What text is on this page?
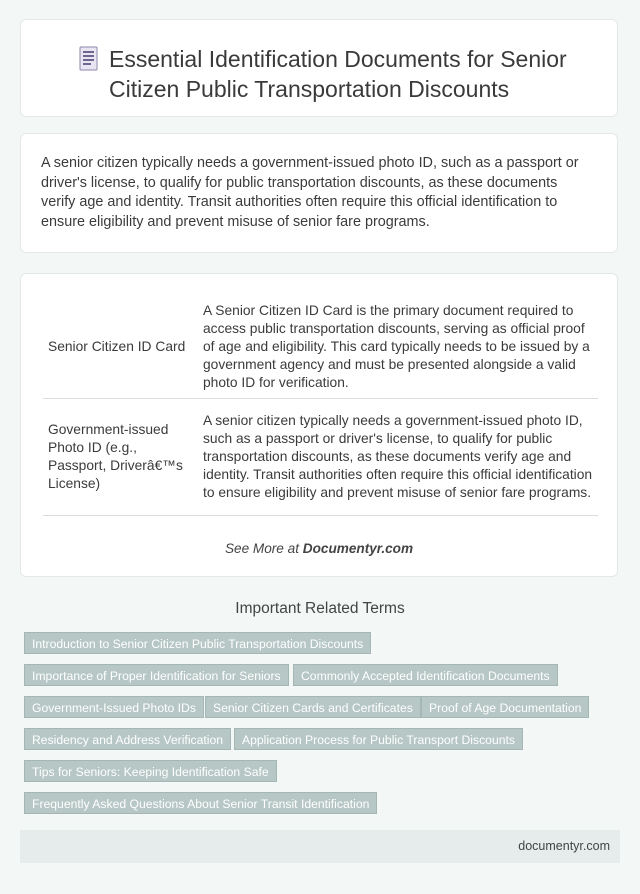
Essential Identification Documents for Senior Citizen Public Transportation Discounts

A senior citizen typically needs a government-issued photo ID, such as a passport or driver's license, to qualify for public transportation discounts, as these documents verify age and identity. Transit authorities often require this official identification to ensure eligibility and prevent misuse of senior fare programs.

Senior Citizen ID Card	A Senior Citizen ID Card is the primary document required to access public transportation discounts, serving as official proof of age and eligibility. This card typically needs to be issued by a government agency and must be presented alongside a valid photo ID for verification.
Government-issued Photo ID (e.g., Passport, Driverâ€™s License)	A senior citizen typically needs a government-issued photo ID, such as a passport or driver's license, to qualify for public transportation discounts, as these documents verify age and identity. Transit authorities often require this official identification to ensure eligibility and prevent misuse of senior fare programs.
See More at Documentyr.com
Important Related Terms
Introduction to Senior Citizen Public Transportation Discounts
Importance of Proper Identification for Seniors	Commonly Accepted Identification Documents
Government-Issued Photo IDs	Senior Citizen Cards and Certificates	Proof of Age Documentation
Residency and Address Verification	Application Process for Public Transport Discounts
Tips for Seniors: Keeping Identification Safe
Frequently Asked Questions About Senior Transit Identification
documentyr.com
